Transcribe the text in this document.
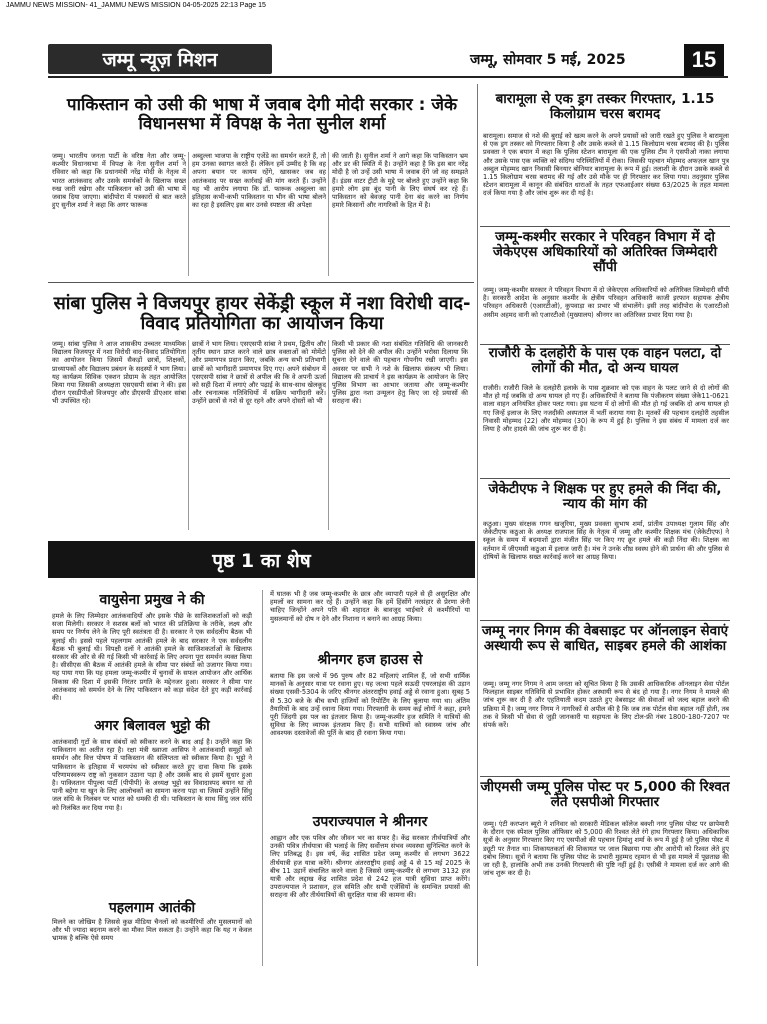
JAMMU NEWS MISSION- 41_JAMMU NEWS MISSION 04-05-2025 22:13 Page 15
जम्मू न्यूज़ मिशन	जम्मू, सोमवार 5 मई, 2025	15
पाकिस्तान को उसी की भाषा में जवाब देगी मोदी सरकार : जेके विधानसभा में विपक्ष के नेता सुनील शर्मा
जम्मू। भारतीय जनता पार्टी के वरिष्ठ नेता और जम्मू-कश्मीर विधानसभा में विपक्ष के नेता सुनील शर्मा ने रविवार को कहा कि प्रधानमंत्री नरेंद्र मोदी के नेतृत्व में भारत आतंकवाद और उसके समर्थकों के खिलाफ सख्त रुख जारी रखेगा और पाकिस्तान को उसी की भाषा में जवाब दिया जाएगा। बांदीपोरा में पत्रकारों से बात करते हुए सुनील शर्मा ने कहा कि अगर फारूक
अब्दुल्ला भाजपा के राष्ट्रीय एजेंडे का समर्थन करते हैं, तो हम उनका स्वागत करते हैं। लेकिन हमें उम्मीद है कि वह अपना बयान पर कायम रहेंगे, खासकर जब वह आतंकवाद पर सख्त कार्रवाई की मांग करते हैं। उन्होंने यह भी आरोप लगाया कि डॉ. फारूक अब्दुल्ला का इतिहास कभी-कभी पाकिस्तान या भीन की भाषा बोलने का रहा है इसलिए इस बार उनसे स्पष्टता की अपेक्षा
की जाती है। सुनील शर्मा ने आगे कहा कि पाकिस्तान भ्रम और डर की स्थिति में है। उन्होंने कहा है कि इस बार नरेंद्र मोदी है जो उन्हें उसी भाषा में जवाब देंगे जो वह समझते हैं। इंडस वाटर ट्रीटी के मुद्दे पर बोलते हुए उन्होंने कहा कि हमारे लोग इस बूंद पानी के लिए संघर्ष कर रहे हैं। पाकिस्तान को बेवजह पानी देना बंद करने का निर्णय हमारे किसानों और नागरिकों के हित में है।
सांबा पुलिस ने विजयपुर हायर सेकेंड्री स्कूल में नशा विरोधी वाद-विवाद प्रतियोगिता का आयोजन किया
जम्मू। सांबा पुलिस ने आज शासकीय उच्चतर माध्यमिक विद्यालय विजयपुर में नशा विरोधी वाद-विवाद प्रतियोगिता का आयोजन किया जिसमें सैकड़ों छात्रों, शिक्षकों, प्राध्यापकों और विद्यालय प्रबंधन के सदस्यों ने भाग लिया। यह कार्यक्रम सिविक एक्शन प्रोग्राम के तहत आयोजित किया गया जिसकी अध्यक्षता एसएसपी सांबा ने की। इस दौरान एसडीपीओ विजयपुर और डीएसपी डीएआर सांबा भी उपस्थित रहे।
छात्रों ने भाग लिया। एसएसपी सांबा ने प्रथम, द्वितीय और तृतीय स्थान प्राप्त करने वाले छात्र वक्ताओं को मोमेंटो और प्रमाणपत्र प्रदान किए, जबकि अन्य सभी प्रतिभागी छात्रों को भागीदारी प्रमाणपत्र दिए गए। अपने संबोधन में एसएसपी सांबा ने छात्रों से अपील की कि वे अपनी ऊर्जा को सही दिशा में लगाएं और पढ़ाई के साथ-साथ खेलकूद और रचनात्मक गतिविधियों में सक्रिय भागीदारी करें। उन्होंने छात्रों से नशे से दूर रहने और अपने दोस्तों को भी
किसी भी प्रकार की नशा संबंधित गतिविधि की जानकारी पुलिस को देने की अपील की। उन्होंने भरोसा दिलाया कि सूचना देने वाले की पहचान गोपनीय रखी जाएगी। इस अवसर पर सभी ने नशे के खिलाफ संकल्प भी लिया। विद्यालय की प्राचार्य ने इस कार्यक्रम के आयोजन के लिए पुलिस विभाग का आभार जताया और जम्मू-कश्मीर पुलिस द्वारा नशा उन्मूलन हेतु किए जा रहे प्रयासों की सराहना की।
पृष्ठ 1 का शेष
वायुसेना प्रमुख ने की
हमले के लिए जिम्मेदार आतंकवादियों और इसके पीछे के साजिशकर्ताओं को कड़ी सजा मिलेगी। सरकार ने सशस्त्र बलों को भारत की प्रतिक्रिया के तरीके, लक्ष्य और समय पर निर्णय लेने के लिए पूरी स्वतंत्रता दी है। सरकार ने एक सर्वदलीय बैठक भी बुलाई थी। इससे पहले पहलगाम आतंकी हमले के बाद सरकार ने एक सर्वदलीय बैठक भी बुलाई थी। विपक्षी दलों ने आतंकी हमले के साजिशकर्ताओं के खिलाफ सरकार की ओर से की गई किसी भी कार्रवाई के लिए अपना पूरा समर्थन व्यक्त किया है। सीसीएस की बैठक में आतंकी हमले के सीमा पार संबंधों को उजागर किया गया। यह पाया गया कि यह हमला जम्मू-कश्मीर में चुनावों के सफल आयोजन और आर्थिक विकास की दिशा में इसकी निरंतर प्रगति के मद्देनजर हुआ। सरकार ने सीमा पार आतंकवाद को समर्थन देने के लिए पाकिस्तान को कड़ा संदेश देते हुए कड़ी कार्रवाई की।
अगर बिलावल भुट्टो की
आतंकवादी गुटों के साथ संबंधों को स्वीकार करने के बाद आई है। उन्होंने कहा कि पाकिस्तान का अतीत रहा है। रक्षा मंत्री ख्वाजा आसिफ ने आतंकवादी समूहों को समर्थन और वित्त पोषण में पाकिस्तान की संलिप्तता को स्वीकार किया है। भुट्टो ने पाकिस्तान के इतिहास में चरमपंथ को स्वीकार करते हुए दावा किया कि इसके परिणामस्वरूप राष्ट्र को नुकसान उठाना पड़ा है और उसके बाद से इसमें सुधार हुआ है। पाकिस्तान पीपुल्स पार्टी (पीपीपी) के अध्यक्ष भुट्टो का विवादास्पद बयान था तो पानी बहेगा या खून के लिए आलोचकों का सामना करना पड़ा था जिसमें उन्होंने सिंधु जल संधि के निलंबन पर भारत को धमकी दी थी। पाकिस्तान के साथ सिंधु जल संधि को निलंबित कर दिया गया है।
पहलगाम आतंकी
मिलने का जोखिम है जिससे कुछ मीडिया चैनलों को कश्मीरियों और मुसलमानों को और भी ज्यादा बदनाम करने का मौका मिल सकता है। उन्होंने कहा कि यह न केवल भ्रामक है बल्कि ऐसे समय
में घातक भी है जब जम्मू-कश्मीर के छात्र और व्यापारी पहले से ही असुरक्षित और हमलों का सामना कर रहे हैं। उन्होंने कहा कि हमें हिंसोंगे नरसंहार से प्रेरणा लेनी चाहिए जिन्होंने अपने पति की शहादत के बावजूद भाईचारे से कश्मीरियों या मुसलमानों को दोष न देने और निशाना न बनाने का आग्रह किया।
श्रीनगर हज हाउस से
बताया कि इस जत्थे में 96 पुरुष और 82 महिलाएं शामिल हैं, जो सभी धार्मिक मानकों के अनुसार यात्रा पर रवाना हुए। यह जत्था पहले सऊदी एयरलाइंस की उड़ान संख्या एसवी-5304 के जरिए श्रीनगर अंतरराष्ट्रीय हवाई अड्डे से रवाना हुआ। सुबह 5 से 5.30 बजे के बीच सभी हाजियों को रिपोर्टिंग के लिए बुलाया गया था। अंतिम तैयारियों के बाद उन्हें रवाना किया गया। गिरफ्तारी के समय कई लोगों ने कहा, हमने पूरी जिंदगी इस पल का इंतजार किया है। जम्मू-कश्मीर हज समिति ने यात्रियों की सुविधा के लिए व्यापक इंतजाम किए हैं। सभी यात्रियों को स्वास्थ्य जांच और आवश्यक दस्तावेजों की पूर्ति के बाद ही रवाना किया गया।
उपराज्यपाल ने श्रीनगर
आह्वान और एक पवित्र और जीवन भर का सफर है। केंद्र सरकार तीर्थयात्रियों और उनकी पवित्र तीर्थयात्रा की भलाई के लिए सर्वोत्तम संभव व्यवस्था सुनिश्चित करने के लिए प्रतिबद्ध है। इस वर्ष, केंद्र शासित प्रदेश जम्मू कश्मीर से लगभग 3622 तीर्थयात्री हज यात्रा करेंगे। श्रीनगर अंतरराष्ट्रीय हवाई अड्डे 4 से 15 मई 2025 के बीच 11 उड़ानें संचालित करने वाला है जिससे जम्मू-कश्मीर से लगभग 3132 हज यात्री और लद्दाख केंद्र शासित प्रदेश से 242 हज यात्री सुविधा प्राप्त करेंगे। उपराज्यपाल ने प्रशासन, हज समिति और सभी एजेंसियों के समन्वित प्रयासों की सराहना की और तीर्थयात्रियों की सुरक्षित यात्रा की कामना की।
बारामूला से एक ड्रग तस्कर गिरफ्तार, 1.15 किलोग्राम चरस बरामद
बारामूला। समाज से नशे की बुराई को खत्म करने के अपने प्रयासों को जारी रखते हुए पुलिस ने बारामूला से एक ड्रग तस्कर को गिरफ्तार किया है और उसके कब्जे से 1.15 किलोग्राम चरस बरामद की है। पुलिस प्रवक्ता ने एक बयान में कहा कि पुलिस स्टेशन बारामूला की एक पुलिस टीम ने एसपीओ नाका लगाया और उसके पास एक व्यक्ति को संदिग्ध परिस्थितियों में रोका। जिसकी पहचान मोहम्मद अफज़ल खान पुत्र अब्दुल मोहम्मद खान निवासी बिनयार बोनियार बारामूला के रूप में हुई। तलाशी के दौरान उसके कब्जे से 1.15 किलोग्राम चरस बरामद की गई और उसे मौके पर ही गिरफ्तार कर लिया गया। तदनुसार पुलिस स्टेशन बारामूला में कानून की संबंधित धाराओं के तहत एफआईआर संख्या 63/2025 के तहत मामला दर्ज किया गया है और जांच शुरू कर दी गई है।
जम्मू-कश्मीर सरकार ने परिवहन विभाग में दो जेकेएएस अधिकारियों को अतिरिक्त जिम्मेदारी सौंपी
जम्मू। जम्मू-कश्मीर सरकार ने परिवहन विभाग में दो जेकेएएस अधिकारियों को अतिरिक्त जिम्मेदारी सौंपी है। सरकारी आदेश के अनुसार कश्मीर के क्षेत्रीय परिवहन अधिकारी काजी इरफान सहायक क्षेत्रीय परिवहन अधिकारी (एआरटीओ), कुपवाड़ा का प्रभार भी संभालेंगे। इसी तरह बांदीपोरा के एआरटीओ असीम अहमद वानी को एआरटीओ (मुख्यालय) श्रीनगर का अतिरिक्त प्रभार दिया गया है।
राजौरी के दलहोरी के पास एक वाहन पलटा, दो लोगों की मौत, दो अन्य घायल
राजौरी। राजौरी जिले के दलहोरी इलाके के पास शुक्रवार को एक वाहन के पलट जाने से दो लोगों की मौत हो गई जबकि दो अन्य घायल हो गए हैं। अधिकारियों ने बताया कि पंजीकरण संख्या जेके11-0621 वाला वाहन अनियंत्रित होकर पलट गया। इस घटना में दो लोगों की मौत हो गई जबकि दो अन्य घायल हो गए जिन्हें इलाज के लिए नजदीकी अस्पताल में भर्ती कराया गया है। मृतकों की पहचान दलहोरी तहसील निवासी मोहम्मद (22) और मोहम्मद (30) के रूप में हुई है। पुलिस ने इस संबंध में मामला दर्ज कर लिया है और हादसे की जांच शुरू कर दी है।
जेकेटीएफ ने शिक्षक पर हुए हमले की निंदा की, न्याय की मांग की
कठुआ। मुख्य संरक्षक गगन खजूरिया, मुख्य प्रवक्ता सुभाष शर्मा, प्रांतीय उपाध्यक्ष गुलाम सिंह और जेकेटीएफ कठुआ के अध्यक्ष राजपाल सिंह के नेतृत्व में जम्मू और कश्मीर शिक्षक मंच (जेकेटीएफ) ने स्कूल के समय में बदमाशों द्वारा मंजीत सिंह पर किए गए क्रूर हमले की कड़ी निंदा की। शिक्षक का वर्तमान में जीएमसी कठुआ में इलाज जारी है। मंच ने उनके शीघ्र स्वस्थ होने की प्रार्थना की और पुलिस से दोषियों के खिलाफ सख्त कार्रवाई करने का आग्रह किया।
जम्मू नगर निगम की वेबसाइट पर ऑनलाइन सेवाएं अस्थायी रूप से बाधित, साइबर हमले की आशंका
जम्मू। जम्मू नगर निगम ने आम जनता को सूचित किया है कि उसकी आधिकारिक ऑनलाइन सेवा पोर्टल फिलहाल साइबर गतिविधि से प्रभावित होकर अस्थायी रूप से बंद हो गया है। नगर निगम ने मामले की जांच शुरू कर दी है और एहतियाती कदम उठाते हुए वेबसाइट की सेवाओं को जल्द बहाल करने की प्रक्रिया में है। जम्मू नगर निगम ने नागरिकों से अपील की है कि जब तक पोर्टल सेवा बहाल नहीं होती, तब तक वे किसी भी सेवा से जुड़ी जानकारी या सहायता के लिए टोल-फ्री नंबर 1800-180-7207 पर संपर्क करें।
जीएमसी जम्मू पुलिस पोस्ट पर 5,000 की रिश्वत लेते एसपीओ गिरफ्तार
जम्मू। एंटी करप्शन ब्यूरो ने शनिवार को सरकारी मेडिकल कॉलेज बक्शी नगर पुलिस पोस्ट पर छापेमारी के दौरान एक स्पेशल पुलिस ऑफिसर को 5,000 की रिश्वत लेते रंगे हाथ गिरफ्तार किया। अधिकारिक सूत्रों के अनुसार गिरफ्तार किए गए एसपीओ की पहचान हिमांशु शर्मा के रूप में हुई है जो पुलिस पोस्ट में ड्यूटी पर तैनात था। शिकायतकर्ता की शिकायत पर जाल बिछाया गया और आरोपी को रिश्वत लेते हुए दबोच लिया। सूत्रों ने बताया कि पुलिस पोस्ट के प्रभारी मुहम्मद रहमान से भी इस मामले में पूछताछ की जा रही है, हालांकि अभी तक उनकी गिरफ्तारी की पुष्टि नहीं हुई है। एसीबी ने मामला दर्ज कर आगे की जांच शुरू कर दी है।
